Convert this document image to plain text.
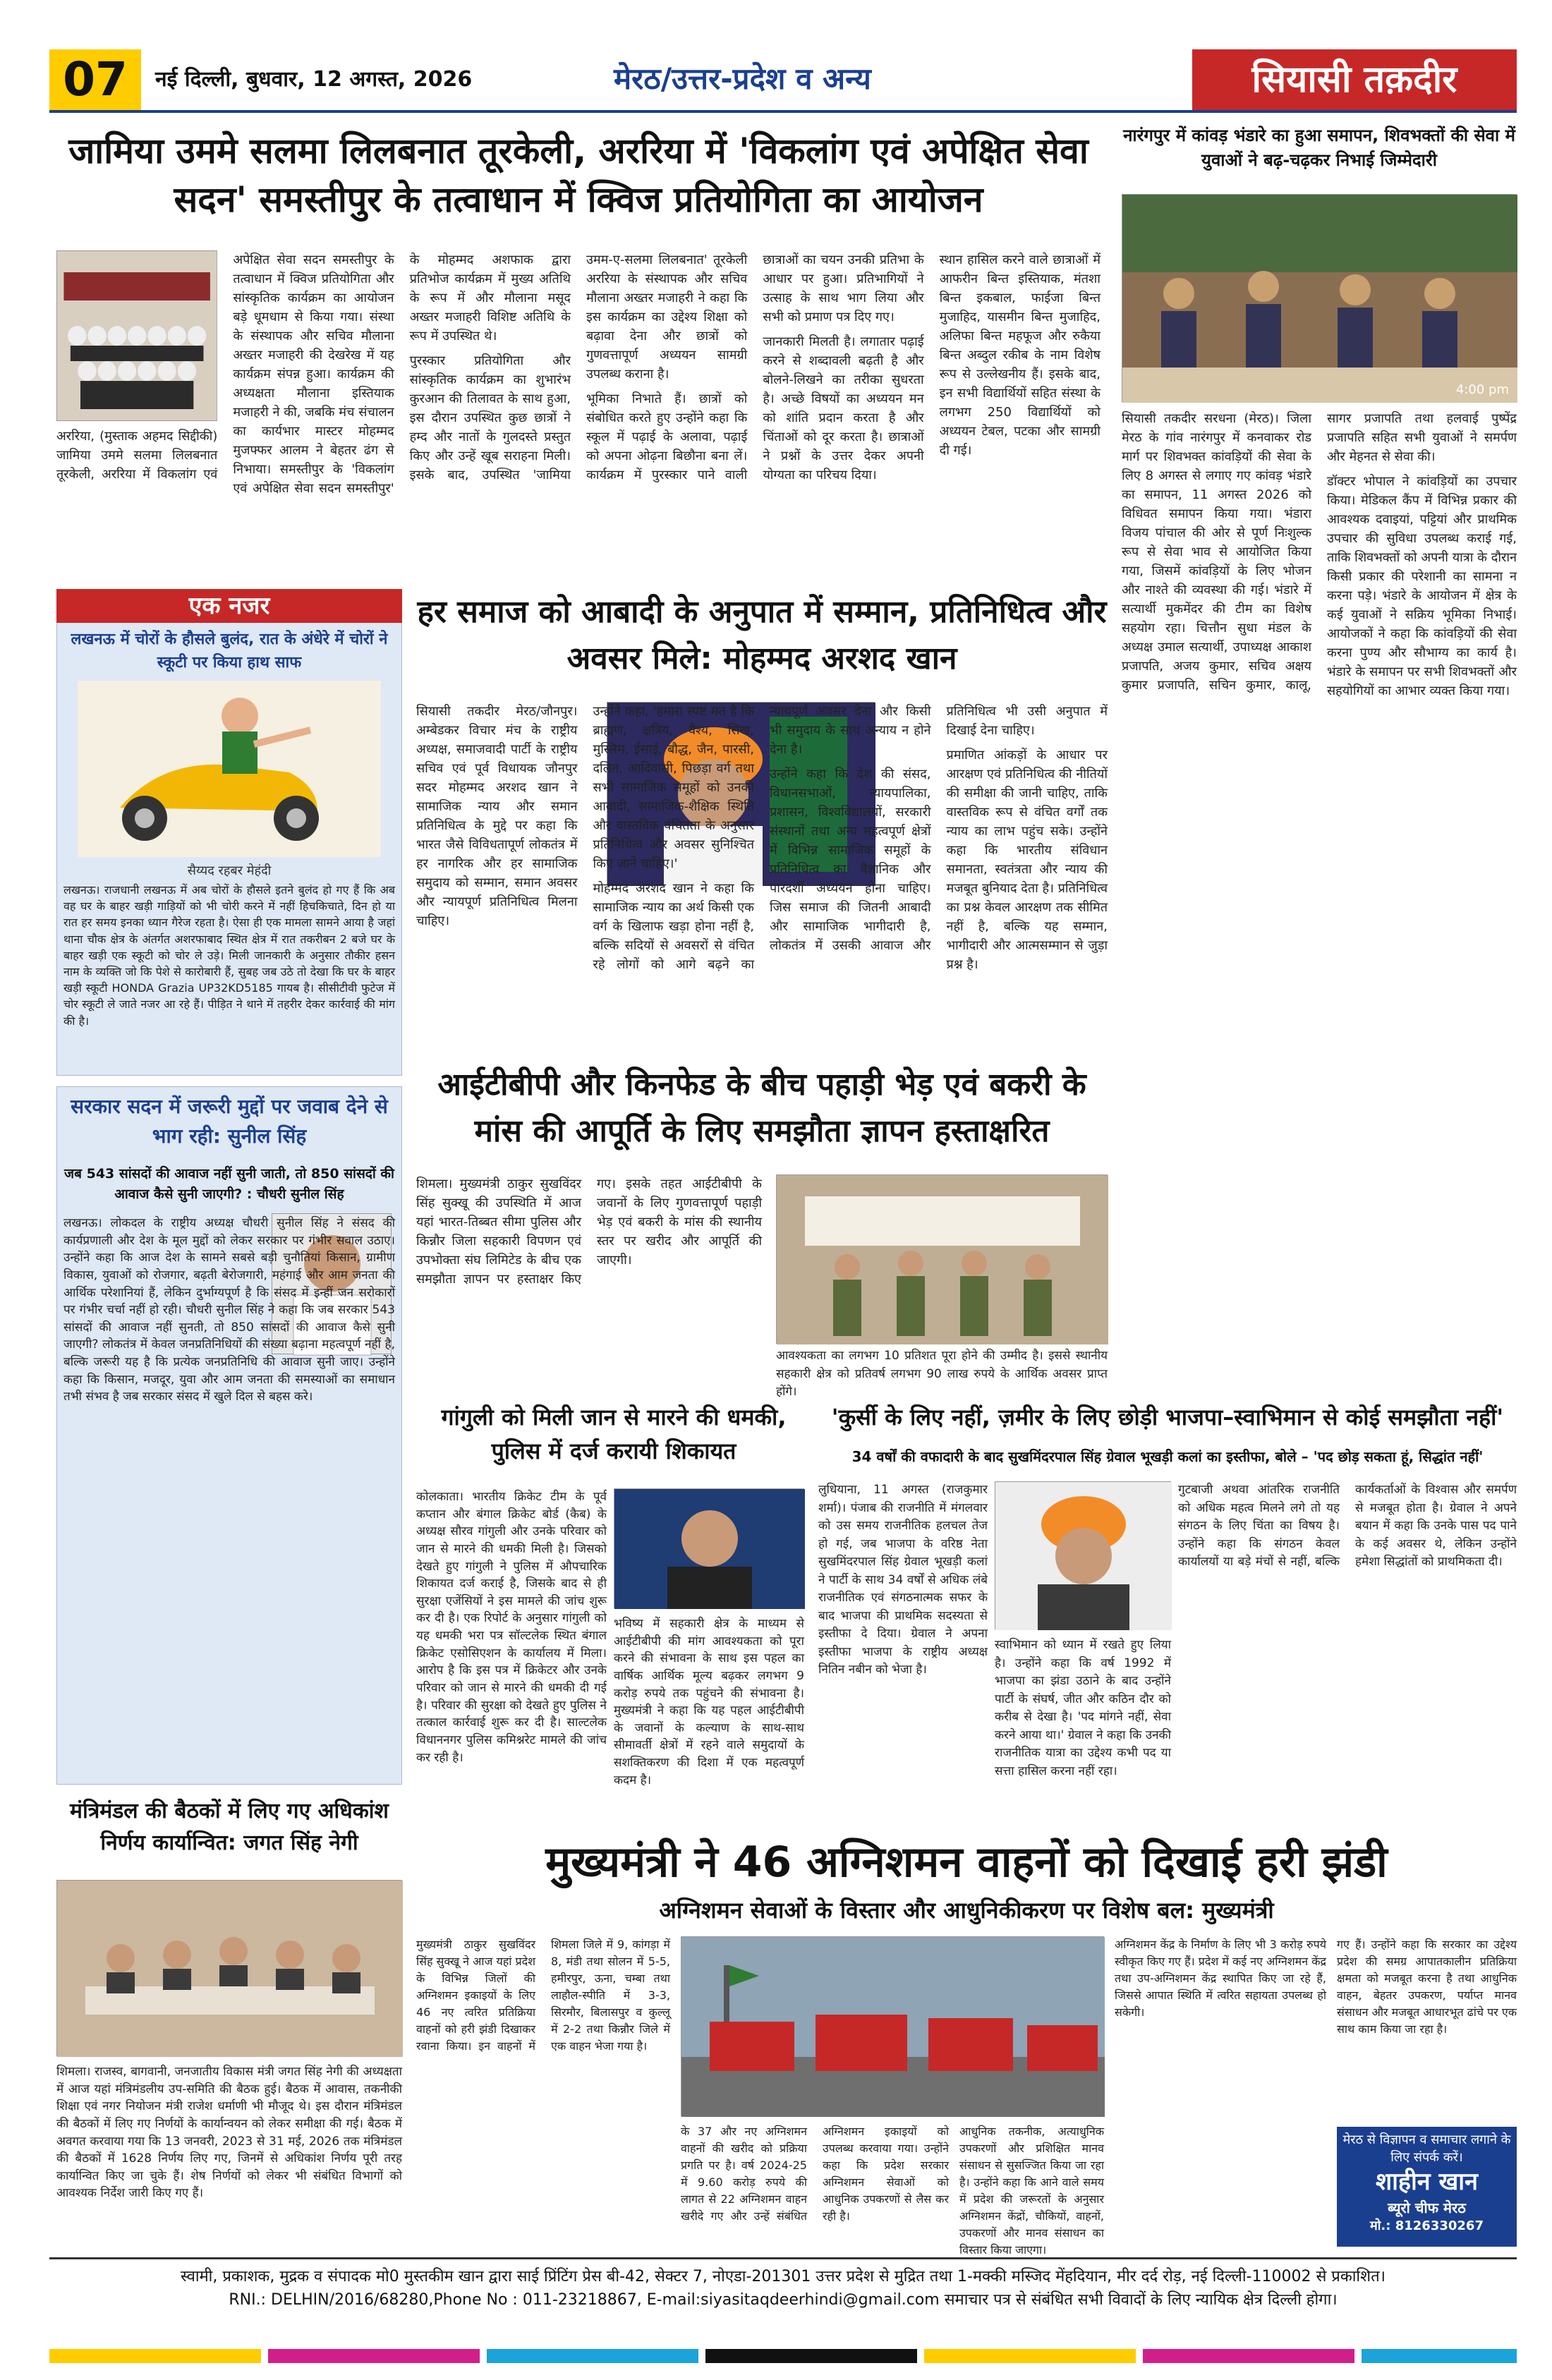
07	नई दिल्ली, बुधवार, 12 अगस्त, 2026	मेरठ/उत्तर-प्रदेश व अन्य	सियासी तक़दीर
जामिया उममे सलमा लिलबनात तूरकेली, अररिया में 'विकलांग एवं अपेक्षित सेवा सदन' समस्तीपुर के तत्वाधान में क्विज प्रतियोगिता का आयोजन

अररिया, (मुस्ताक अहमद सिद्दीकी) जामिया उममे सलमा लिलबनात तूरकेली, अररिया में विकलांग एवं अपेक्षित सेवा सदन समस्तीपुर के तत्वाधान में क्विज प्रतियोगिता और सांस्कृतिक कार्यक्रम का आयोजन बड़े धूमधाम से किया गया। संस्था के संस्थापक और सचिव मौलाना अख्तर मजाहरी की देखरेख में यह कार्यक्रम संपन्न हुआ। कार्यक्रम की अध्यक्षता मौलाना इस्तियाक मजाहरी ने की, जबकि मंच संचालन का कार्यभार मास्टर मोहम्मद मुजफ्फर आलम ने बेहतर ढंग से निभाया। समस्तीपुर के 'विकलांग एवं अपेक्षित सेवा सदन समस्तीपुर' के मोहम्मद अशफाक द्वारा प्रतिभोज कार्यक्रम में मुख्य अतिथि के रूप में और मौलाना मसूद अख्तर मजाहरी विशिष्ट अतिथि के रूप में उपस्थित थे।

पुरस्कार प्रतियोगिता और सांस्कृतिक कार्यक्रम का शुभारंभ कुरआन की तिलावत के साथ हुआ, इस दौरान उपस्थित कुछ छात्रों ने हम्द और नातों के गुलदस्ते प्रस्तुत किए और उन्हें खूब सराहना मिली। इसके बाद, उपस्थित 'जामिया उमम-ए-सलमा लिलबनात' तूरकेली अररिया के संस्थापक और सचिव मौलाना अख्तर मजाहरी ने कहा कि इस कार्यक्रम का उद्देश्य शिक्षा को बढ़ावा देना और छात्रों को गुणवत्तापूर्ण अध्ययन सामग्री उपलब्ध कराना है।

भूमिका निभाते हैं। छात्रों को संबोधित करते हुए उन्होंने कहा कि स्कूल में पढ़ाई के अलावा, पढ़ाई को अपना ओढ़ना बिछौना बना लें। कार्यक्रम में पुरस्कार पाने वाली छात्राओं का चयन उनकी प्रतिभा के आधार पर हुआ। प्रतिभागियों ने उत्साह के साथ भाग लिया और सभी को प्रमाण पत्र दिए गए।

जानकारी मिलती है। लगातार पढ़ाई करने से शब्दावली बढ़ती है और बोलने-लिखने का तरीका सुधरता है। अच्छे विषयों का अध्ययन मन को शांति प्रदान करता है और चिंताओं को दूर करता है। छात्राओं ने प्रश्नों के उत्तर देकर अपनी योग्यता का परिचय दिया।

स्थान हासिल करने वाले छात्राओं में आफरीन बिन्त इस्तियाक, मंतशा बिन्त इकबाल, फाईजा बिन्त मुजाहिद, यासमीन बिन्त मुजाहिद, अलिफा बिन्त महफूज और रुकैया बिन्त अब्दुल रकीब के नाम विशेष रूप से उल्लेखनीय हैं। इसके बाद, इन सभी विद्यार्थियों सहित संस्था के लगभग 250 विद्यार्थियों को अध्ययन टेबल, पटका और सामग्री दी गई।

नारंगपुर में कांवड़ भंडारे का हुआ समापन, शिवभक्तों की सेवा में युवाओं ने बढ़-चढ़कर निभाई जिम्मेदारी
4:00 pm

सियासी तकदीर सरधना (मेरठ)। जिला मेरठ के गांव नारंगपुर में कनवाकर रोड मार्ग पर शिवभक्त कांवड़ियों की सेवा के लिए 8 अगस्त से लगाए गए कांवड़ भंडारे का समापन, 11 अगस्त 2026 को विधिवत समापन किया गया। भंडारा विजय पांचाल की ओर से पूर्ण निःशुल्क रूप से सेवा भाव से आयोजित किया गया, जिसमें कांवड़ियों के लिए भोजन और नाश्ते की व्यवस्था की गई। भंडारे में सत्यार्थी मुकमेंदर की टीम का विशेष सहयोग रहा। चित्तौन सुधा मंडल के अध्यक्ष उमाल सत्यार्थी, उपाध्यक्ष आकाश प्रजापति, अजय कुमार, सचिव अक्षय कुमार प्रजापति, सचिन कुमार, कालू, सागर प्रजापति तथा हलवाई पुष्पेंद्र प्रजापति सहित सभी युवाओं ने समर्पण और मेहनत से सेवा की।

डॉक्टर भोपाल ने कांवड़ियों का उपचार किया। मेडिकल कैंप में विभिन्न प्रकार की आवश्यक दवाइयां, पट्टियां और प्राथमिक उपचार की सुविधा उपलब्ध कराई गई, ताकि शिवभक्तों को अपनी यात्रा के दौरान किसी प्रकार की परेशानी का सामना न करना पड़े। भंडारे के आयोजन में क्षेत्र के कई युवाओं ने सक्रिय भूमिका निभाई। आयोजकों ने कहा कि कांवड़ियों की सेवा करना पुण्य और सौभाग्य का कार्य है। भंडारे के समापन पर सभी शिवभक्तों और सहयोगियों का आभार व्यक्त किया गया।

एक नजर
लखनऊ में चोरों के हौसले बुलंद, रात के अंधेरे में चोरों ने स्कूटी पर किया हाथ साफ
सैय्यद रहबर मेहंदी
लखनऊ। राजधानी लखनऊ में अब चोरों के हौसले इतने बुलंद हो गए हैं कि अब वह घर के बाहर खड़ी गाड़ियों को भी चोरी करने में नहीं हिचकिचाते, दिन हो या रात हर समय इनका ध्यान गैरेज रहता है। ऐसा ही एक मामला सामने आया है जहां थाना चौक क्षेत्र के अंतर्गत अशरफाबाद स्थित क्षेत्र में रात तकरीबन 2 बजे घर के बाहर खड़ी एक स्कूटी को चोर ले उड़े। मिली जानकारी के अनुसार तौकीर हसन नाम के व्यक्ति जो कि पेशे से कारोबारी हैं, सुबह जब उठे तो देखा कि घर के बाहर खड़ी स्कूटी HONDA Grazia UP32KD5185 गायब है। सीसीटीवी फुटेज में चोर स्कूटी ले जाते नजर आ रहे हैं। पीड़ित ने थाने में तहरीर देकर कार्रवाई की मांग की है।
सरकार सदन में जरूरी मुद्दों पर जवाब देने से भाग रही: सुनील सिंह
जब 543 सांसदों की आवाज नहीं सुनी जाती, तो 850 सांसदों की आवाज कैसे सुनी जाएगी? : चौधरी सुनील सिंह
लखनऊ। लोकदल के राष्ट्रीय अध्यक्ष चौधरी सुनील सिंह ने संसद की कार्यप्रणाली और देश के मूल मुद्दों को लेकर सरकार पर गंभीर सवाल उठाए। उन्होंने कहा कि आज देश के सामने सबसे बड़ी चुनौतियां किसान, ग्रामीण विकास, युवाओं को रोजगार, बढ़ती बेरोजगारी, महंगाई और आम जनता की आर्थिक परेशानियां हैं, लेकिन दुर्भाग्यपूर्ण है कि संसद में इन्हीं जन सरोकारों पर गंभीर चर्चा नहीं हो रही। चौधरी सुनील सिंह ने कहा कि जब सरकार 543 सांसदों की आवाज नहीं सुनती, तो 850 सांसदों की आवाज कैसे सुनी जाएगी? लोकतंत्र में केवल जनप्रतिनिधियों की संख्या बढ़ाना महत्वपूर्ण नहीं है, बल्कि जरूरी यह है कि प्रत्येक जनप्रतिनिधि की आवाज सुनी जाए। उन्होंने कहा कि किसान, मजदूर, युवा और आम जनता की समस्याओं का समाधान तभी संभव है जब सरकार संसद में खुले दिल से बहस करे।
मंत्रिमंडल की बैठकों में लिए गए अधिकांश निर्णय कार्यान्वित: जगत सिंह नेगी
शिमला। राजस्व, बागवानी, जनजातीय विकास मंत्री जगत सिंह नेगी की अध्यक्षता में आज यहां मंत्रिमंडलीय उप-समिति की बैठक हुई। बैठक में आवास, तकनीकी शिक्षा एवं नगर नियोजन मंत्री राजेश धर्माणी भी मौजूद थे। इस दौरान मंत्रिमंडल की बैठकों में लिए गए निर्णयों के कार्यान्वयन को लेकर समीक्षा की गई। बैठक में अवगत करवाया गया कि 13 जनवरी, 2023 से 31 मई, 2026 तक मंत्रिमंडल की बैठकों में 1628 निर्णय लिए गए, जिनमें से अधिकांश निर्णय पूरी तरह कार्यान्वित किए जा चुके हैं। शेष निर्णयों को लेकर भी संबंधित विभागों को आवश्यक निर्देश जारी किए गए हैं।
हर समाज को आबादी के अनुपात में सम्मान, प्रतिनिधित्व और अवसर मिले: मोहम्मद अरशद खान

सियासी तकदीर मेरठ/जौनपुर। अम्बेडकर विचार मंच के राष्ट्रीय अध्यक्ष, समाजवादी पार्टी के राष्ट्रीय सचिव एवं पूर्व विधायक जौनपुर सदर मोहम्मद अरशद खान ने सामाजिक न्याय और समान प्रतिनिधित्व के मुद्दे पर कहा कि भारत जैसे विविधतापूर्ण लोकतंत्र में हर नागरिक और हर सामाजिक समुदाय को सम्मान, समान अवसर और न्यायपूर्ण प्रतिनिधित्व मिलना चाहिए।

उन्होंने कहा, 'हमारा स्पष्ट मत है कि ब्राह्मण, क्षत्रिय, वैश्य, सिख, मुस्लिम, ईसाई, बौद्ध, जैन, पारसी, दलित, आदिवासी, पिछड़ा वर्ग तथा सभी सामाजिक समूहों को उनकी आबादी, सामाजिक-शैक्षिक स्थिति और वास्तविक वंचितता के अनुसार प्रतिनिधित्व और अवसर सुनिश्चित किए जाने चाहिए।'

मोहम्मद अरशद खान ने कहा कि सामाजिक न्याय का अर्थ किसी एक वर्ग के खिलाफ खड़ा होना नहीं है, बल्कि सदियों से अवसरों से वंचित रहे लोगों को आगे बढ़ने का न्यायपूर्ण अवसर देना और किसी भी समुदाय के साथ अन्याय न होने देना है।

उन्होंने कहा कि देश की संसद, विधानसभाओं, न्यायपालिका, प्रशासन, विश्वविद्यालयों, सरकारी संस्थानों तथा अन्य महत्वपूर्ण क्षेत्रों में विभिन्न सामाजिक समूहों के प्रतिनिधित्व का वैज्ञानिक और पारदर्शी अध्ययन होना चाहिए। जिस समाज की जितनी आबादी और सामाजिक भागीदारी है, लोकतंत्र में उसकी आवाज और प्रतिनिधित्व भी उसी अनुपात में दिखाई देना चाहिए।

प्रमाणित आंकड़ों के आधार पर आरक्षण एवं प्रतिनिधित्व की नीतियों की समीक्षा की जानी चाहिए, ताकि वास्तविक रूप से वंचित वर्गों तक न्याय का लाभ पहुंच सके। उन्होंने कहा कि भारतीय संविधान समानता, स्वतंत्रता और न्याय की मजबूत बुनियाद देता है। प्रतिनिधित्व का प्रश्न केवल आरक्षण तक सीमित नहीं है, बल्कि यह सम्मान, भागीदारी और आत्मसम्मान से जुड़ा प्रश्न है।

आईटीबीपी और किनफेड के बीच पहाड़ी भेड़ एवं बकरी के मांस की आपूर्ति के लिए समझौता ज्ञापन हस्ताक्षरित

शिमला। मुख्यमंत्री ठाकुर सुखविंदर सिंह सुक्खू की उपस्थिति में आज यहां भारत-तिब्बत सीमा पुलिस और किन्नौर जिला सहकारी विपणन एवं उपभोक्ता संघ लिमिटेड के बीच एक समझौता ज्ञापन पर हस्ताक्षर किए गए। इसके तहत आईटीबीपी के जवानों के लिए गुणवत्तापूर्ण पहाड़ी भेड़ एवं बकरी के मांस की स्थानीय स्तर पर खरीद और आपूर्ति की जाएगी।

आवश्यकता का लगभग 10 प्रतिशत पूरा होने की उम्मीद है। इससे स्थानीय सहकारी क्षेत्र को प्रतिवर्ष लगभग 90 लाख रुपये के आर्थिक अवसर प्राप्त होंगे।

गांगुली को मिली जान से मारने की धमकी, पुलिस में दर्ज करायी शिकायत
कोलकाता। भारतीय क्रिकेट टीम के पूर्व कप्तान और बंगाल क्रिकेट बोर्ड (कैब) के अध्यक्ष सौरव गांगुली और उनके परिवार को जान से मारने की धमकी मिली है। जिसको देखते हुए गांगुली ने पुलिस में औपचारिक शिकायत दर्ज कराई है, जिसके बाद से ही सुरक्षा एजेंसियों ने इस मामले की जांच शुरू कर दी है। एक रिपोर्ट के अनुसार गांगुली को यह धमकी भरा पत्र सॉल्टलेक स्थित बंगाल क्रिकेट एसोसिएशन के कार्यालय में मिला। आरोप है कि इस पत्र में क्रिकेटर और उनके परिवार को जान से मारने की धमकी दी गई है। परिवार की सुरक्षा को देखते हुए पुलिस ने तत्काल कार्रवाई शुरू कर दी है। साल्टलेक विधाननगर पुलिस कमिश्नरेट मामले की जांच कर रही है।

भविष्य में सहकारी क्षेत्र के माध्यम से आईटीबीपी की मांग आवश्यकता को पूरा करने की संभावना के साथ इस पहल का वार्षिक आर्थिक मूल्य बढ़कर लगभग 9 करोड़ रुपये तक पहुंचने की संभावना है। मुख्यमंत्री ने कहा कि यह पहल आईटीबीपी के जवानों के कल्याण के साथ-साथ सीमावर्ती क्षेत्रों में रहने वाले समुदायों के सशक्तिकरण की दिशा में एक महत्वपूर्ण कदम है।

'कुर्सी के लिए नहीं, ज़मीर के लिए छोड़ी भाजपा–स्वाभिमान से कोई समझौता नहीं'
34 वर्षों की वफादारी के बाद सुखमिंदरपाल सिंह ग्रेवाल भूखड़ी कलां का इस्तीफा, बोले – 'पद छोड़ सकता हूं, सिद्धांत नहीं'

लुधियाना, 11 अगस्त (राजकुमार शर्मा)। पंजाब की राजनीति में मंगलवार को उस समय राजनीतिक हलचल तेज हो गई, जब भाजपा के वरिष्ठ नेता सुखमिंदरपाल सिंह ग्रेवाल भूखड़ी कलां ने पार्टी के साथ 34 वर्षों से अधिक लंबे राजनीतिक एवं संगठनात्मक सफर के बाद भाजपा की प्राथमिक सदस्यता से इस्तीफा दे दिया। ग्रेवाल ने अपना इस्तीफा भाजपा के राष्ट्रीय अध्यक्ष नितिन नबीन को भेजा है।

स्वाभिमान को ध्यान में रखते हुए लिया है। उन्होंने कहा कि वर्ष 1992 में भाजपा का झंडा उठाने के बाद उन्होंने पार्टी के संघर्ष, जीत और कठिन दौर को करीब से देखा है। 'पद मांगने नहीं, सेवा करने आया था।' ग्रेवाल ने कहा कि उनकी राजनीतिक यात्रा का उद्देश्य कभी पद या सत्ता हासिल करना नहीं रहा।

गुटबाजी अथवा आंतरिक राजनीति को अधिक महत्व मिलने लगे तो यह संगठन के लिए चिंता का विषय है। उन्होंने कहा कि संगठन केवल कार्यालयों या बड़े मंचों से नहीं, बल्कि कार्यकर्ताओं के विश्वास और समर्पण से मजबूत होता है। ग्रेवाल ने अपने बयान में कहा कि उनके पास पद पाने के कई अवसर थे, लेकिन उन्होंने हमेशा सिद्धांतों को प्राथमिकता दी।

मुख्यमंत्री ने 46 अग्निशमन वाहनों को दिखाई हरी झंडी
अग्निशमन सेवाओं के विस्तार और आधुनिकीकरण पर विशेष बल: मुख्यमंत्री

मुख्यमंत्री ठाकुर सुखविंदर सिंह सुक्खू ने आज यहां प्रदेश के विभिन्न जिलों की अग्निशमन इकाइयों के लिए 46 नए त्वरित प्रतिक्रिया वाहनों को हरी झंडी दिखाकर रवाना किया। इन वाहनों में शिमला जिले में 9, कांगड़ा में 8, मंडी तथा सोलन में 5-5, हमीरपुर, ऊना, चम्बा तथा लाहौल-स्पीति में 3-3, सिरमौर, बिलासपुर व कुल्लू में 2-2 तथा किन्नौर जिले में एक वाहन भेजा गया है।

के 37 और नए अग्निशमन वाहनों की खरीद को प्रक्रिया प्रगति पर है। वर्ष 2024-25 में 9.60 करोड़ रुपये की लागत से 22 अग्निशमन वाहन खरीदे गए और उन्हें संबंधित अग्निशमन इकाइयों को उपलब्ध करवाया गया। उन्होंने कहा कि प्रदेश सरकार अग्निशमन सेवाओं को आधुनिक उपकरणों से लैस कर रही है।

आधुनिक तकनीक, अत्याधुनिक उपकरणों और प्रशिक्षित मानव संसाधन से सुसज्जित किया जा रहा है। उन्होंने कहा कि आने वाले समय में प्रदेश की जरूरतों के अनुसार अग्निशमन केंद्रों, चौकियों, वाहनों, उपकरणों और मानव संसाधन का विस्तार किया जाएगा।

अग्निशमन केंद्र के निर्माण के लिए भी 3 करोड़ रुपये स्वीकृत किए गए हैं। प्रदेश में कई नए अग्निशमन केंद्र तथा उप-अग्निशमन केंद्र स्थापित किए जा रहे हैं, जिससे आपात स्थिति में त्वरित सहायता उपलब्ध हो सकेगी।

गए हैं। उन्होंने कहा कि सरकार का उद्देश्य प्रदेश की समग्र आपातकालीन प्रतिक्रिया क्षमता को मजबूत करना है तथा आधुनिक वाहन, बेहतर उपकरण, पर्याप्त मानव संसाधन और मजबूत आधारभूत ढांचे पर एक साथ काम किया जा रहा है।

मेरठ से विज्ञापन व समाचार लगाने के लिए संपर्क करें।
शाहीन खान
ब्यूरो चीफ मेरठ
मो.: 8126330267
स्वामी, प्रकाशक, मुद्रक व संपादक मो0 मुस्तकीम खान द्वारा साई प्रिंटिंग प्रेस बी-42, सेक्टर 7, नोएडा-201301 उत्तर प्रदेश से मुद्रित तथा 1-मक्की मस्जिद मेंहदियान, मीर दर्द रोड़, नई दिल्ली-110002 से प्रकाशित।
RNI.: DELHIN/2016/68280,Phone No : 011-23218867, E-mail:siyasitaqdeerhindi@gmail.com समाचार पत्र से संबंधित सभी विवादों के लिए न्यायिक क्षेत्र दिल्ली होगा।
